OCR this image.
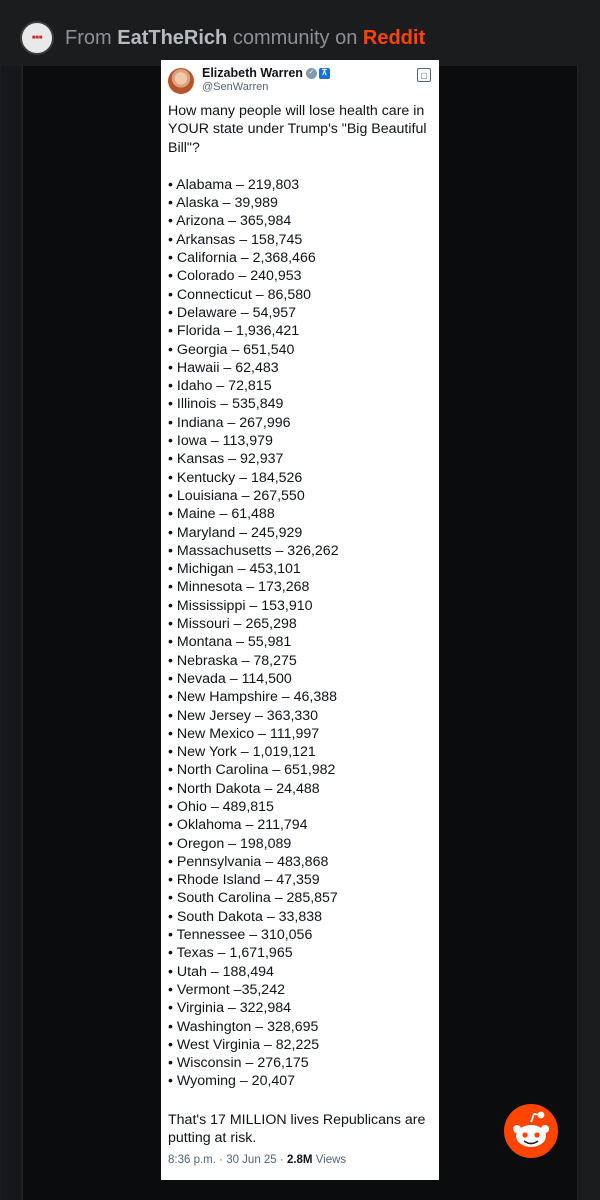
■■■ From EatTheRich community on Reddit
Elizabeth Warren ✓ ⊼
@SenWarren
▢
How many people will lose health care in YOUR state under Trump's "Big Beautiful Bill"?
• Alabama – 219,803
• Alaska – 39,989
• Arizona – 365,984
• Arkansas – 158,745
• California – 2,368,466
• Colorado – 240,953
• Connecticut – 86,580
• Delaware – 54,957
• Florida – 1,936,421
• Georgia – 651,540
• Hawaii – 62,483
• Idaho – 72,815
• Illinois – 535,849
• Indiana – 267,996
• Iowa – 113,979
• Kansas – 92,937
• Kentucky – 184,526
• Louisiana – 267,550
• Maine – 61,488
• Maryland – 245,929
• Massachusetts – 326,262
• Michigan – 453,101
• Minnesota – 173,268
• Mississippi – 153,910
• Missouri – 265,298
• Montana – 55,981
• Nebraska – 78,275
• Nevada – 114,500
• New Hampshire – 46,388
• New Jersey – 363,330
• New Mexico – 111,997
• New York – 1,019,121
• North Carolina – 651,982
• North Dakota – 24,488
• Ohio – 489,815
• Oklahoma – 211,794
• Oregon – 198,089
• Pennsylvania – 483,868
• Rhode Island – 47,359
• South Carolina – 285,857
• South Dakota – 33,838
• Tennessee – 310,056
• Texas – 1,671,965
• Utah – 188,494
• Vermont –35,242
• Virginia – 322,984
• Washington – 328,695
• West Virginia – 82,225
• Wisconsin – 276,175
• Wyoming – 20,407
That's 17 MILLION lives Republicans are putting at risk.
8:36 p.m. · 30 Jun 25 · 2.8M Views
